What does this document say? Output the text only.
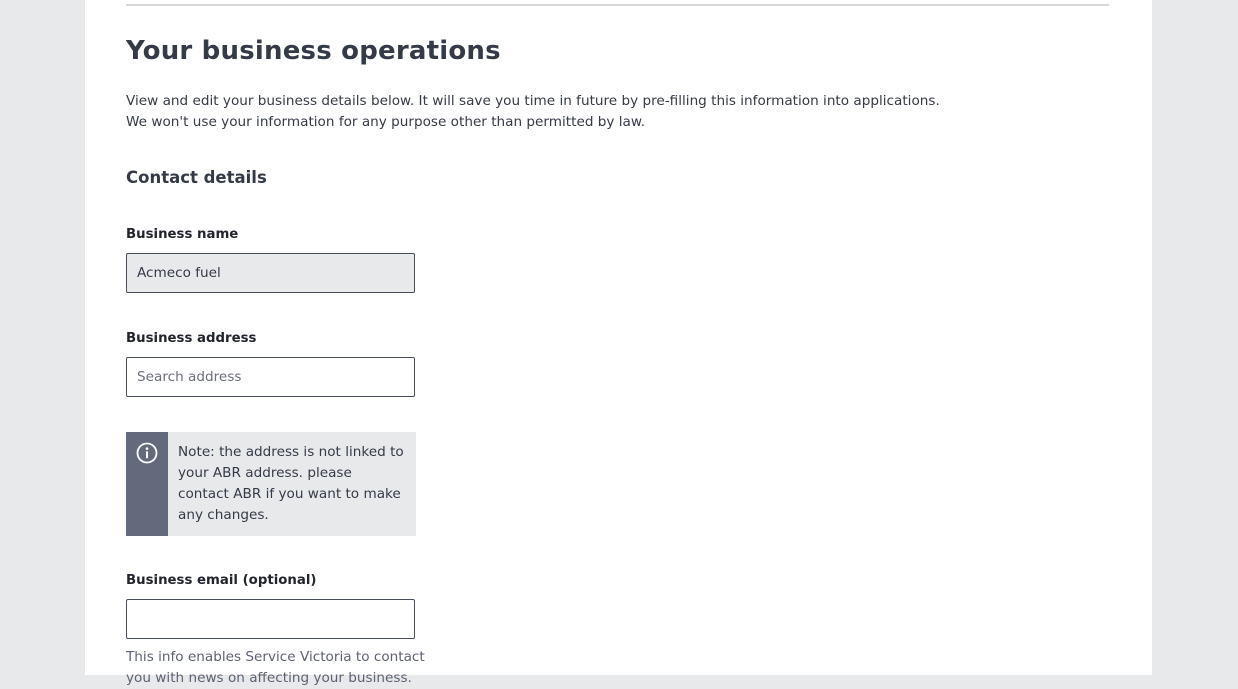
Your business operations

View and edit your business details below. It will save you time in future by pre-filling this information into applications.

We won't use your information for any purpose other than permitted by law.

Contact details
Business name
Acmeco fuel
Business address
Search address
Note: the address is not linked to your ABR address. please contact ABR if you want to make any changes.
Business email (optional)
This info enables Service Victoria to contact you with news on affecting your business.
